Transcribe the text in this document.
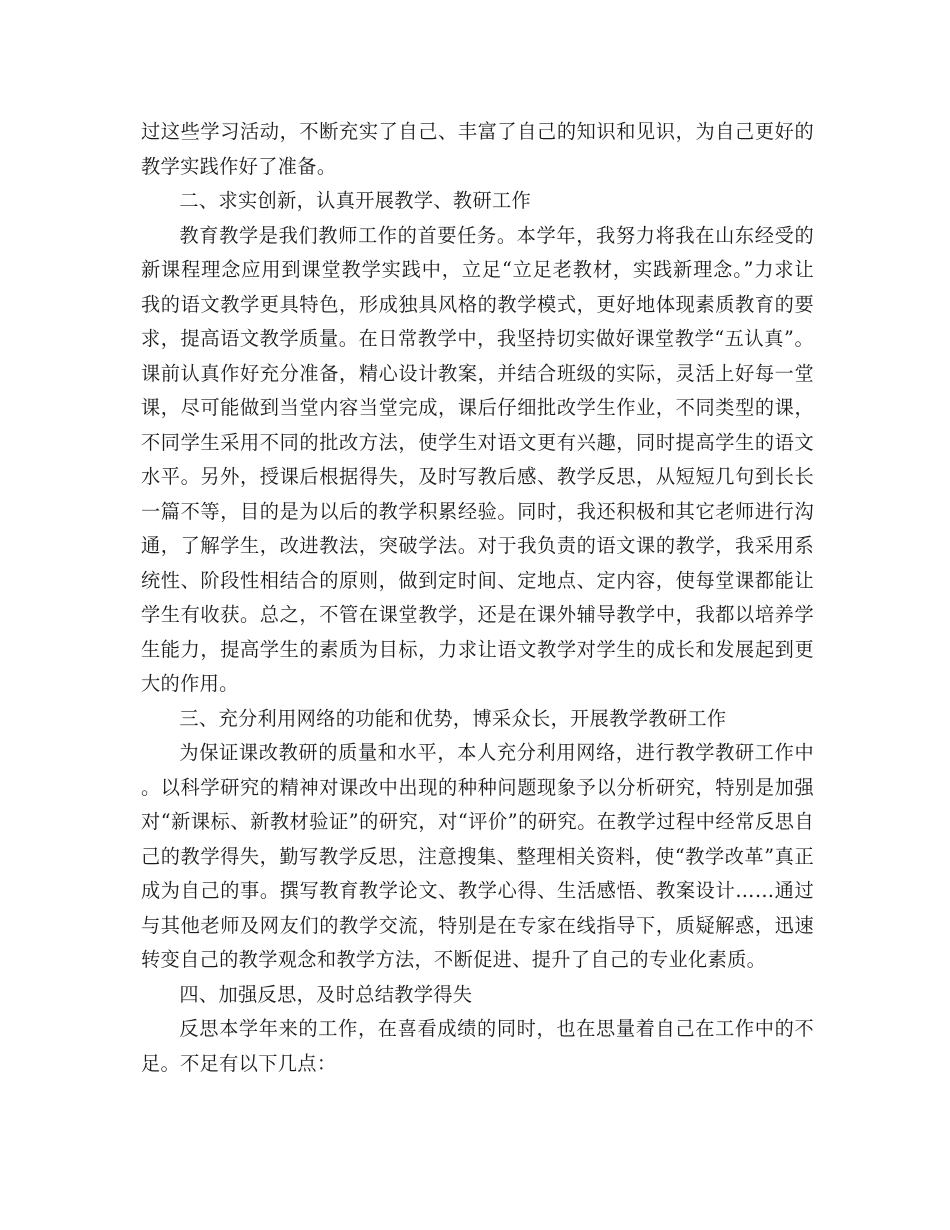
过这些学习活动，不断充实了自己、丰富了自己的知识和见识，为自己更好的教学实践作好了准备。

二、求实创新，认真开展教学、教研工作

教育教学是我们教师工作的首要任务。本学年，我努力将我在山东经受的新课程理念应用到课堂教学实践中，立足“立足老教材，实践新理念。”力求让我的语文教学更具特色，形成独具风格的教学模式，更好地体现素质教育的要求，提高语文教学质量。在日常教学中，我坚持切实做好课堂教学“五认真”。课前认真作好充分准备，精心设计教案，并结合班级的实际，灵活上好每一堂课，尽可能做到当堂内容当堂完成，课后仔细批改学生作业，不同类型的课，不同学生采用不同的批改方法，使学生对语文更有兴趣，同时提高学生的语文水平。另外，授课后根据得失，及时写教后感、教学反思，从短短几句到长长一篇不等，目的是为以后的教学积累经验。同时，我还积极和其它老师进行沟通，了解学生，改进教法，突破学法。对于我负责的语文课的教学，我采用系统性、阶段性相结合的原则，做到定时间、定地点、定内容，使每堂课都能让学生有收获。总之，不管在课堂教学，还是在课外辅导教学中，我都以培养学生能力，提高学生的素质为目标，力求让语文教学对学生的成长和发展起到更大的作用。

三、充分利用网络的功能和优势，博采众长，开展教学教研工作

为保证课改教研的质量和水平，本人充分利用网络，进行教学教研工作中。以科学研究的精神对课改中出现的种种问题现象予以分析研究，特别是加强对“新课标、新教材验证”的研究，对“评价”的研究。在教学过程中经常反思自己的教学得失，勤写教学反思，注意搜集、整理相关资料，使“教学改革”真正成为自己的事。撰写教育教学论文、教学心得、生活感悟、教案设计……通过与其他老师及网友们的教学交流，特别是在专家在线指导下，质疑解惑，迅速转变自己的教学观念和教学方法，不断促进、提升了自己的专业化素质。

四、加强反思，及时总结教学得失

反思本学年来的工作，在喜看成绩的同时，也在思量着自己在工作中的不足。不足有以下几点：
